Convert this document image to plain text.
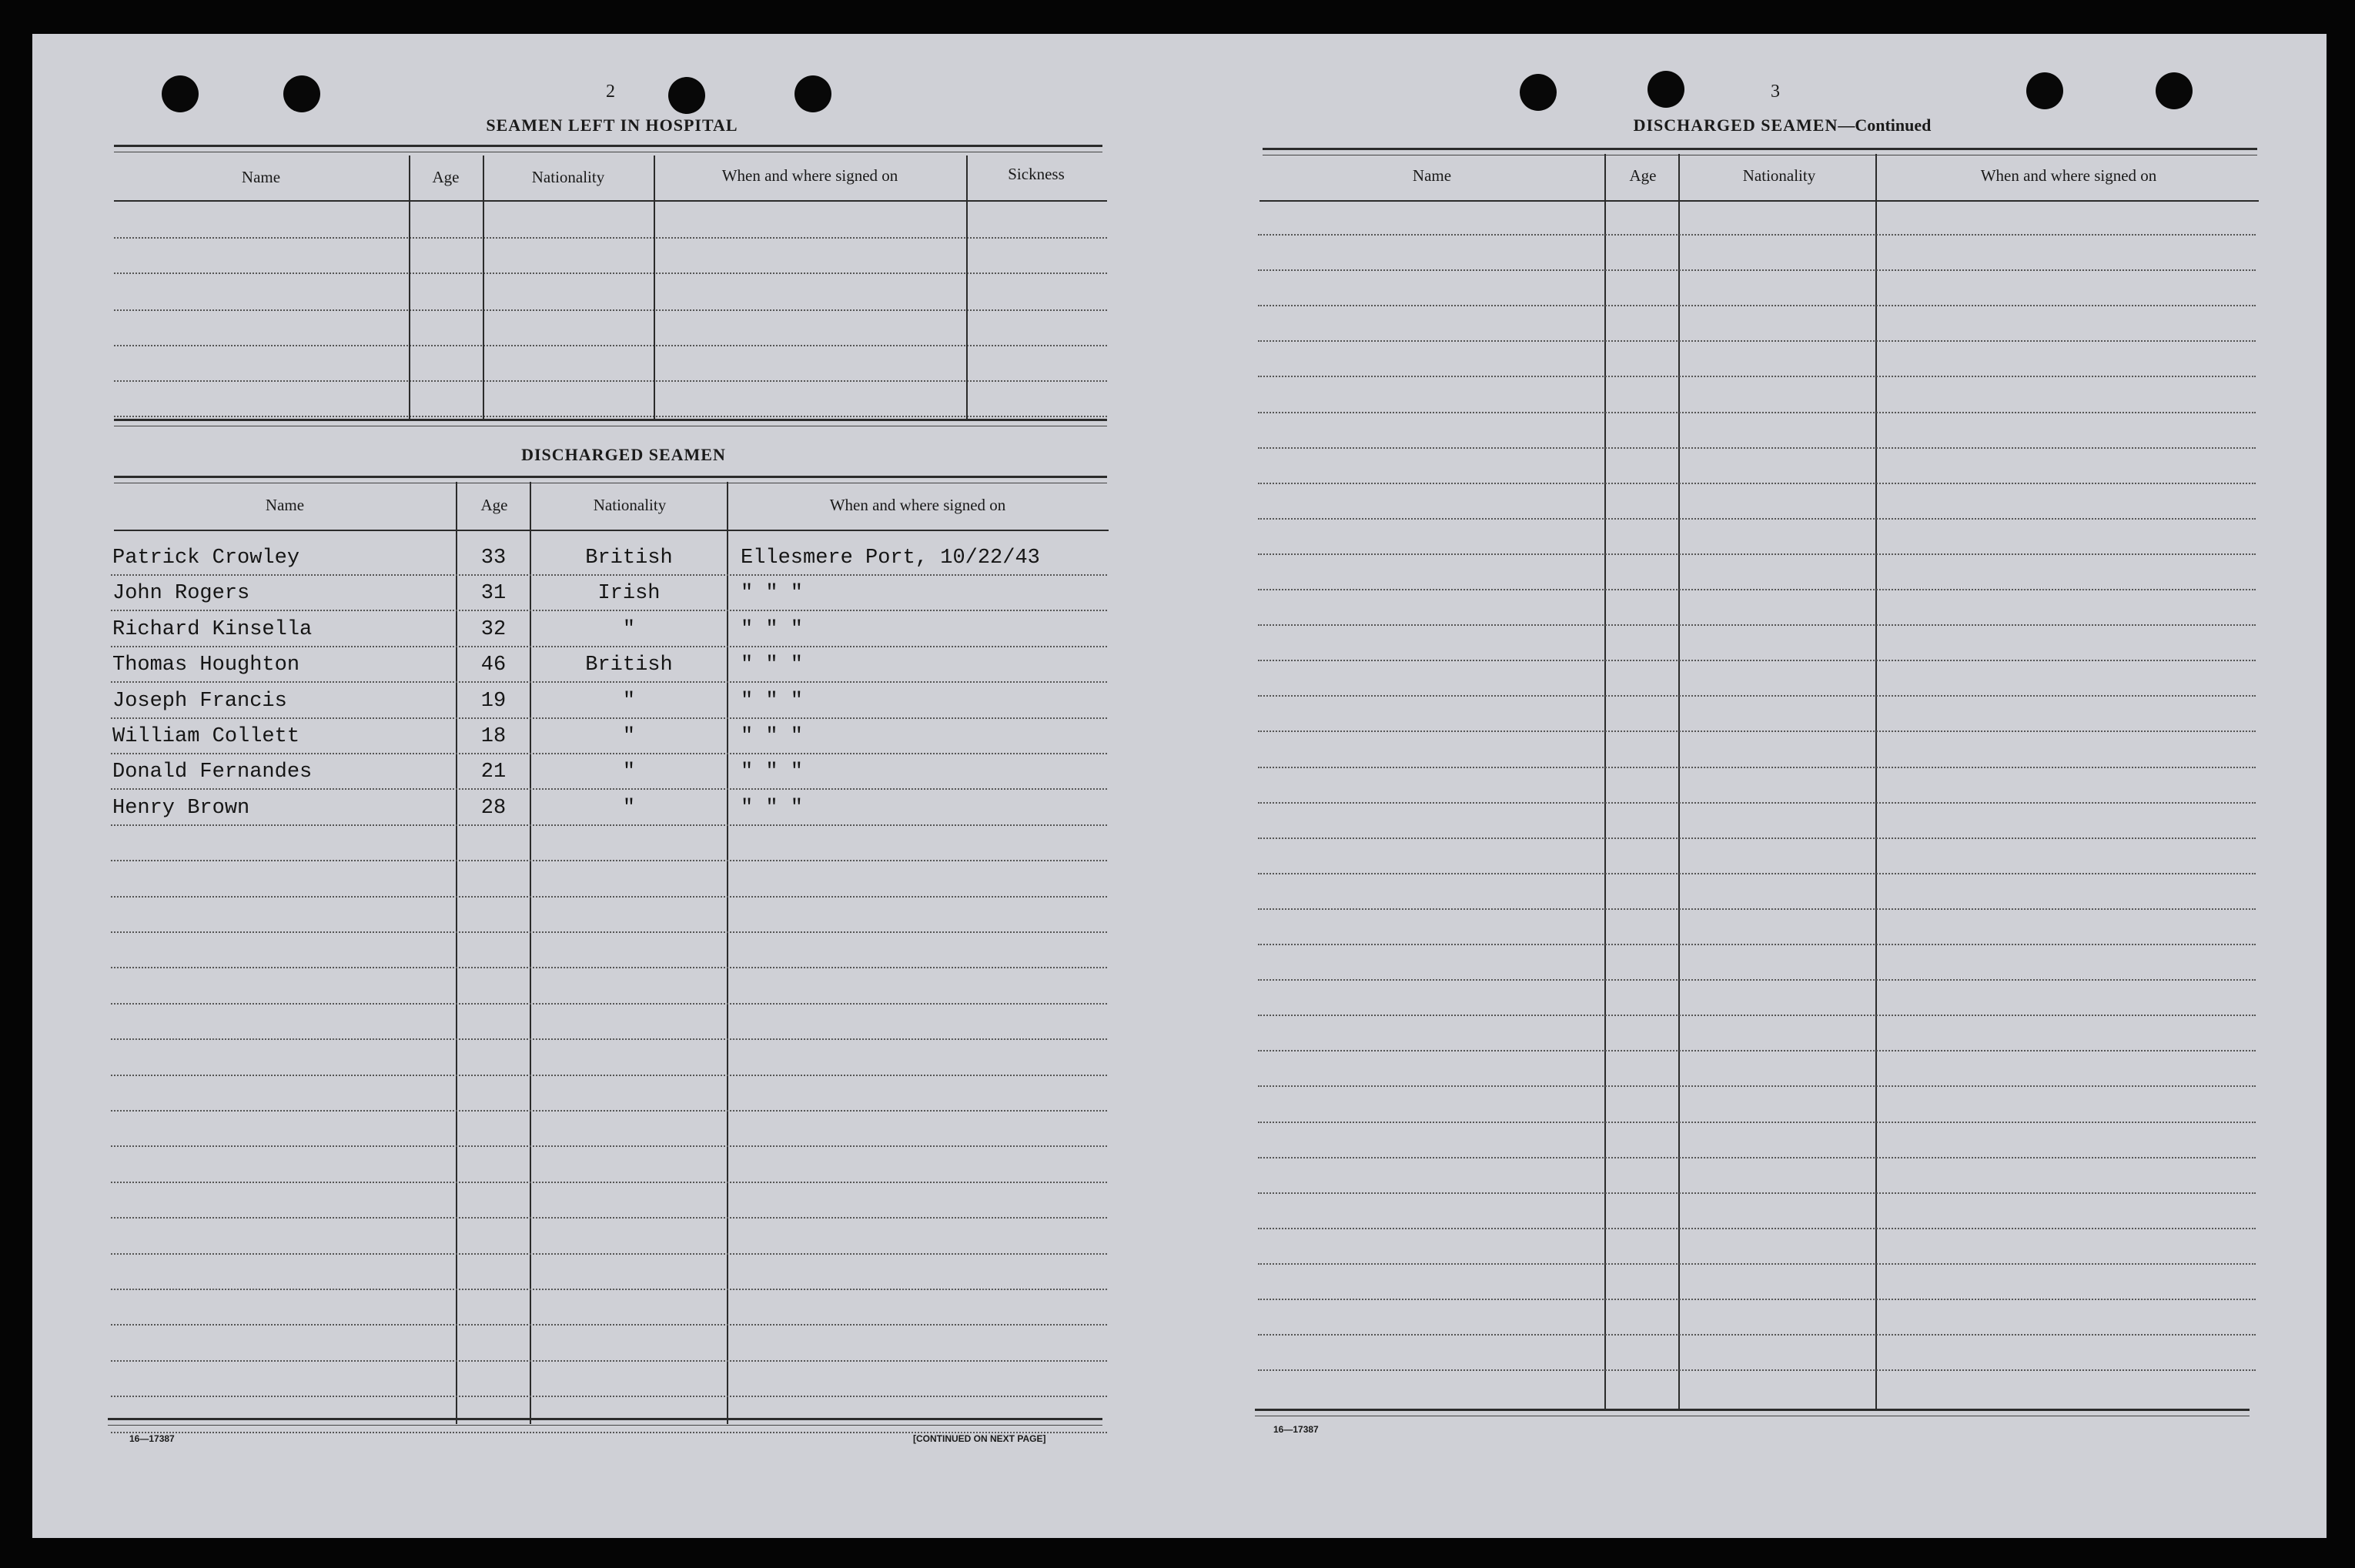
2
SEAMEN LEFT IN HOSPITAL
Name	Age	Nationality	When and where signed on	Sickness
DISCHARGED SEAMEN
Name	Age	Nationality	When and where signed on
Patrick Crowley	33	British	Ellesmere Port, 10/22/43
John Rogers	31	Irish	" " "
Richard Kinsella	32	"	" " "
Thomas Houghton	46	British	" " "
Joseph Francis	19	"	" " "
William Collett	18	"	" " "
Donald Fernandes	21	"	" " "
Henry Brown	28	"	" " "
16—17387	[CONTINUED ON NEXT PAGE]
3
DISCHARGED SEAMEN—Continued
Name	Age	Nationality	When and where signed on
16—17387
